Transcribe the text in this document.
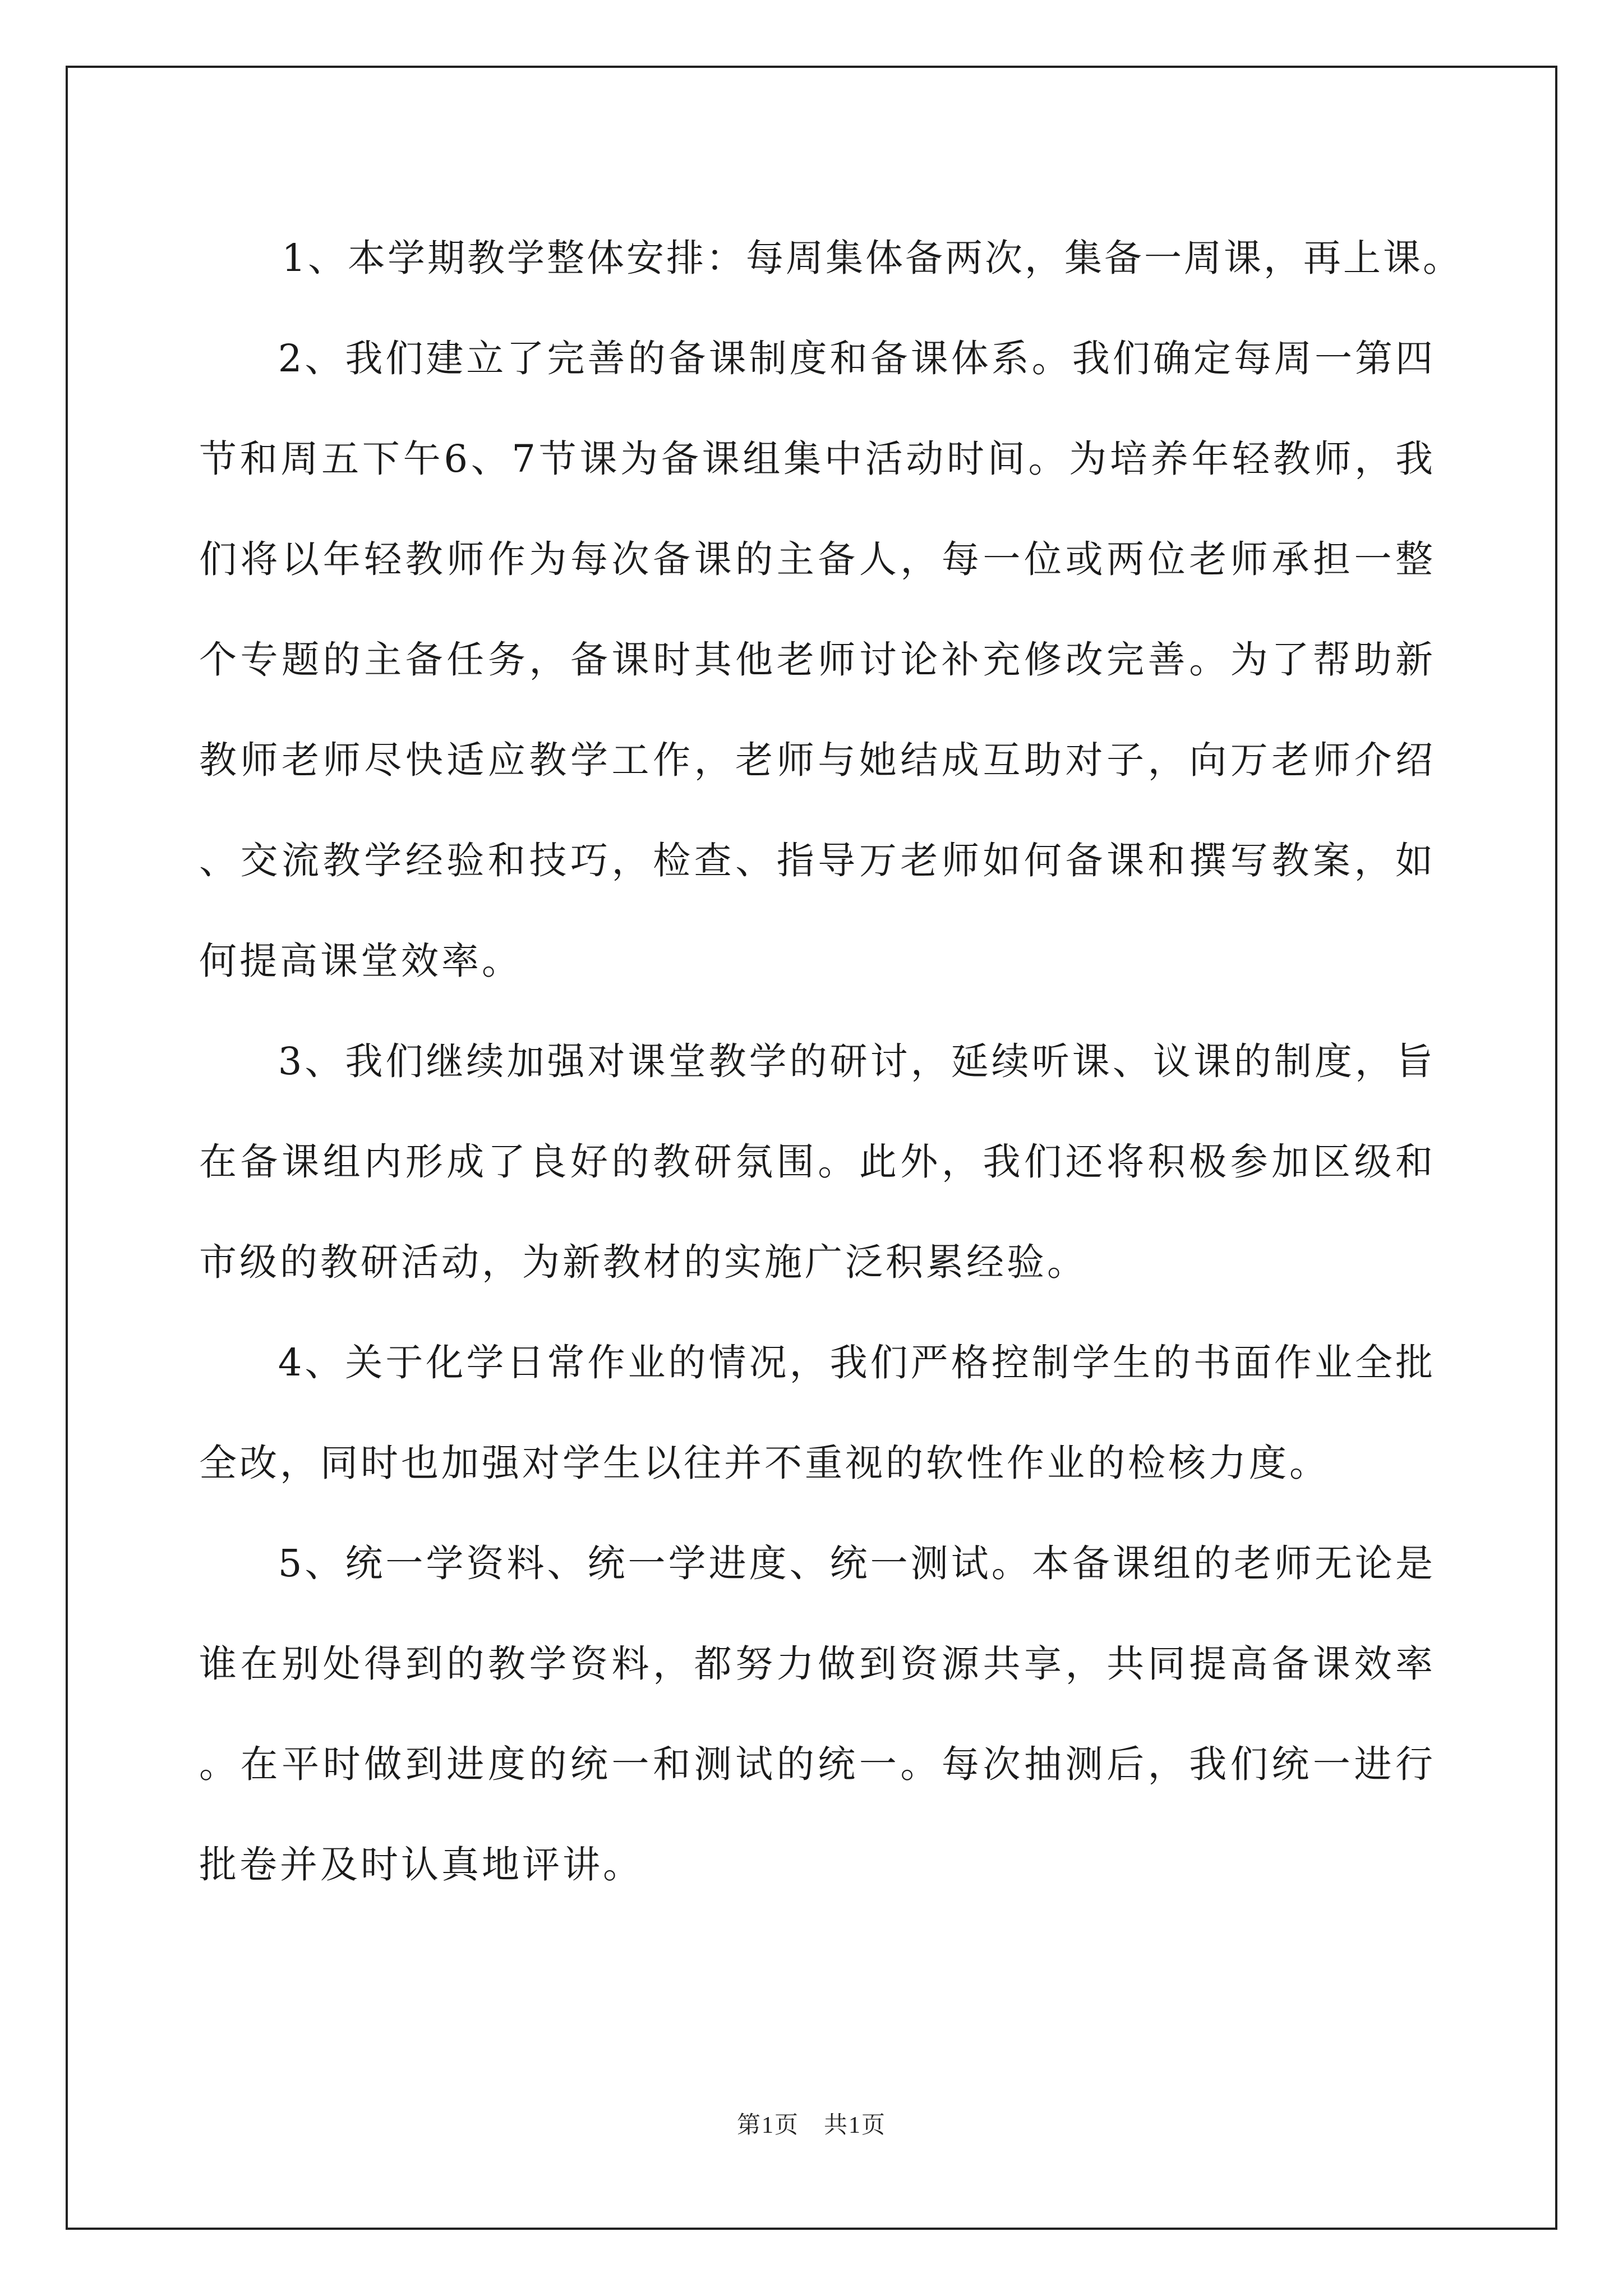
1、本学期教学整体安排：每周集体备两次，集备一周课，再上课。

2、我们建立了完善的备课制度和备课体系。我们确定每周一第四节和周五下午6、7节课为备课组集中活动时间。为培养年轻教师，我们将以年轻教师作为每次备课的主备人，每一位或两位老师承担一整个专题的主备任务，备课时其他老师讨论补充修改完善。为了帮助新教师老师尽快适应教学工作，老师与她结成互助对子，向万老师介绍、交流教学经验和技巧，检查、指导万老师如何备课和撰写教案，如何提高课堂效率。

3、我们继续加强对课堂教学的研讨，延续听课、议课的制度，旨在备课组内形成了良好的教研氛围。此外，我们还将积极参加区级和市级的教研活动，为新教材的实施广泛积累经验。

4、关于化学日常作业的情况，我们严格控制学生的书面作业全批全改，同时也加强对学生以往并不重视的软性作业的检核力度。

5、统一学资料、统一学进度、统一测试。本备课组的老师无论是谁在别处得到的教学资料，都努力做到资源共享，共同提高备课效率。在平时做到进度的统一和测试的统一。每次抽测后，我们统一进行批卷并及时认真地评讲。

第1页 共1页
